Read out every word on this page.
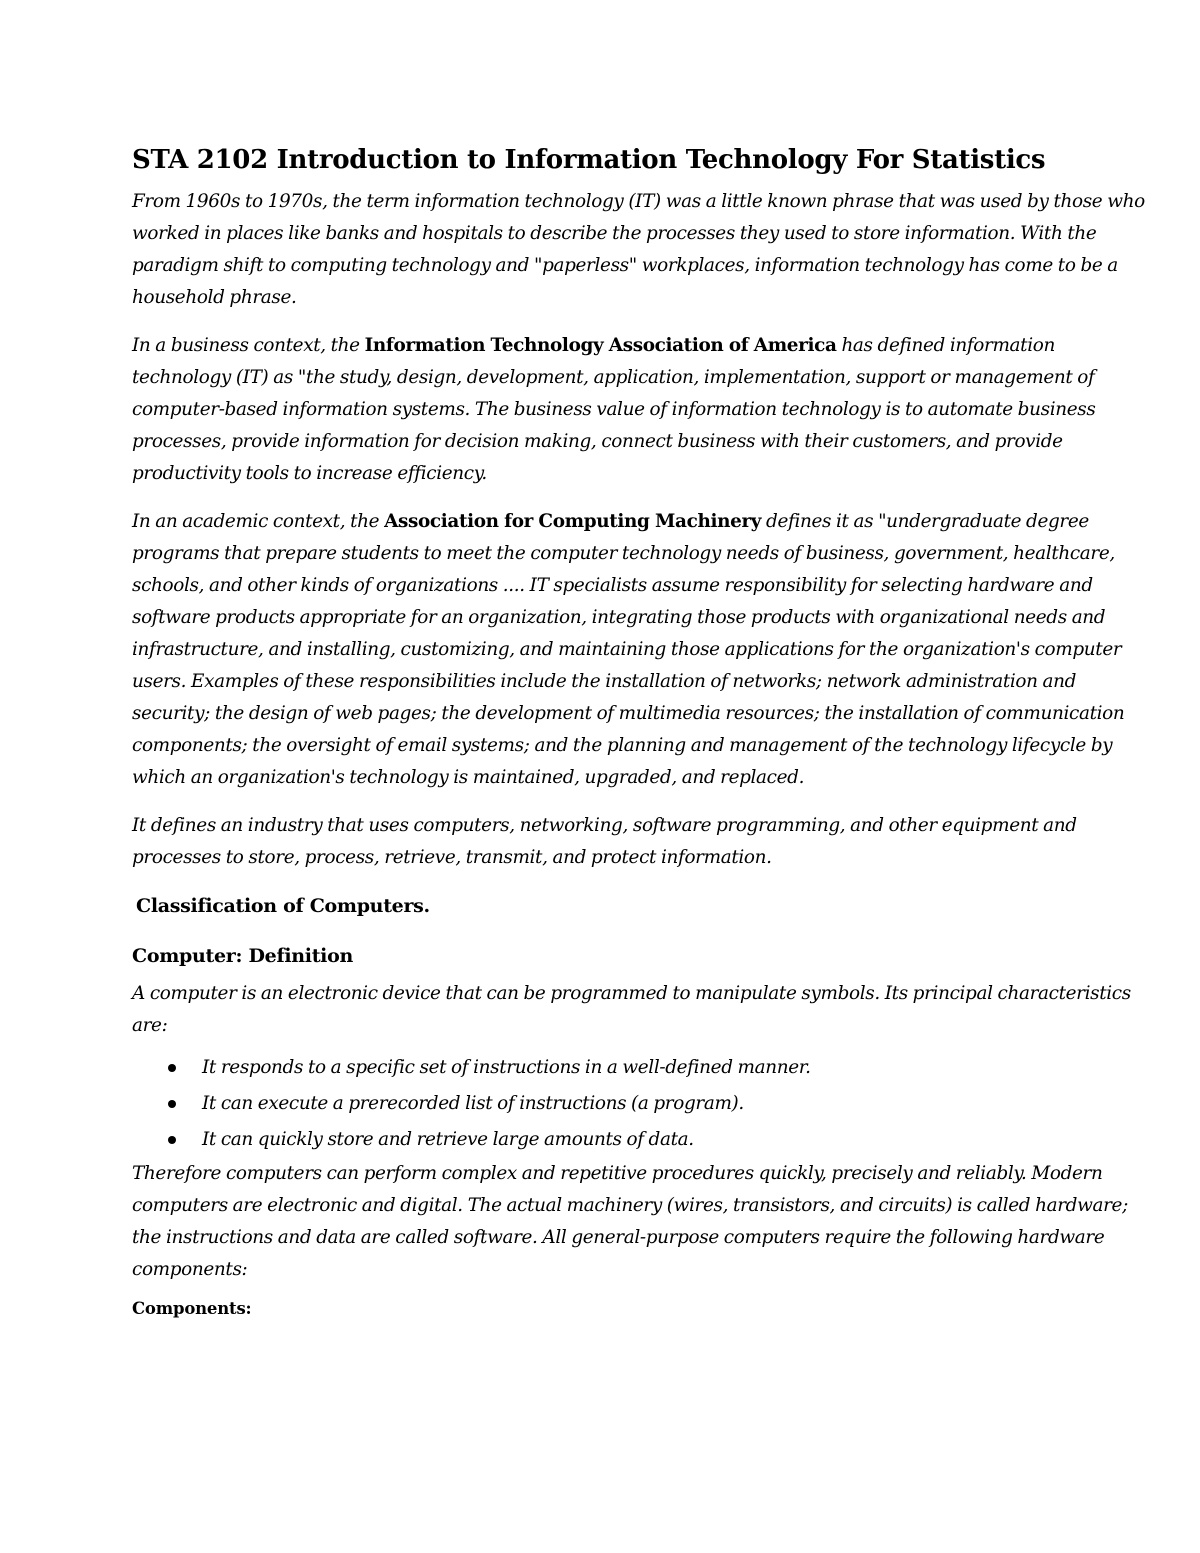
STA 2102 Introduction to Information Technology For Statistics

From 1960s to 1970s, the term information technology (IT) was a little known phrase that was used by those who worked in places like banks and hospitals to describe the processes they used to store information. With the paradigm shift to computing technology and "paperless" workplaces, information technology has come to be a household phrase.

In a business context, the Information Technology Association of America has defined information technology (IT) as "the study, design, development, application, implementation, support or management of computer-based information systems. The business value of information technology is to automate business processes, provide information for decision making, connect business with their customers, and provide productivity tools to increase efficiency.

In an academic context, the Association for Computing Machinery defines it as "undergraduate degree programs that prepare students to meet the computer technology needs of business, government, healthcare, schools, and other kinds of organizations .... IT specialists assume responsibility for selecting hardware and software products appropriate for an organization, integrating those products with organizational needs and infrastructure, and installing, customizing, and maintaining those applications for the organization's computer users. Examples of these responsibilities include the installation of networks; network administration and security; the design of web pages; the development of multimedia resources; the installation of communication components; the oversight of email systems; and the planning and management of the technology lifecycle by which an organization's technology is maintained, upgraded, and replaced.

It defines an industry that uses computers, networking, software programming, and other equipment and processes to store, process, retrieve, transmit, and protect information.

Classification of Computers.
Computer: Definition

A computer is an electronic device that can be programmed to manipulate symbols. Its principal characteristics are:

It responds to a specific set of instructions in a well-defined manner.
It can execute a prerecorded list of instructions (a program).
It can quickly store and retrieve large amounts of data.

Therefore computers can perform complex and repetitive procedures quickly, precisely and reliably. Modern computers are electronic and digital. The actual machinery (wires, transistors, and circuits) is called hardware; the instructions and data are called software. All general-purpose computers require the following hardware components:

Components:
